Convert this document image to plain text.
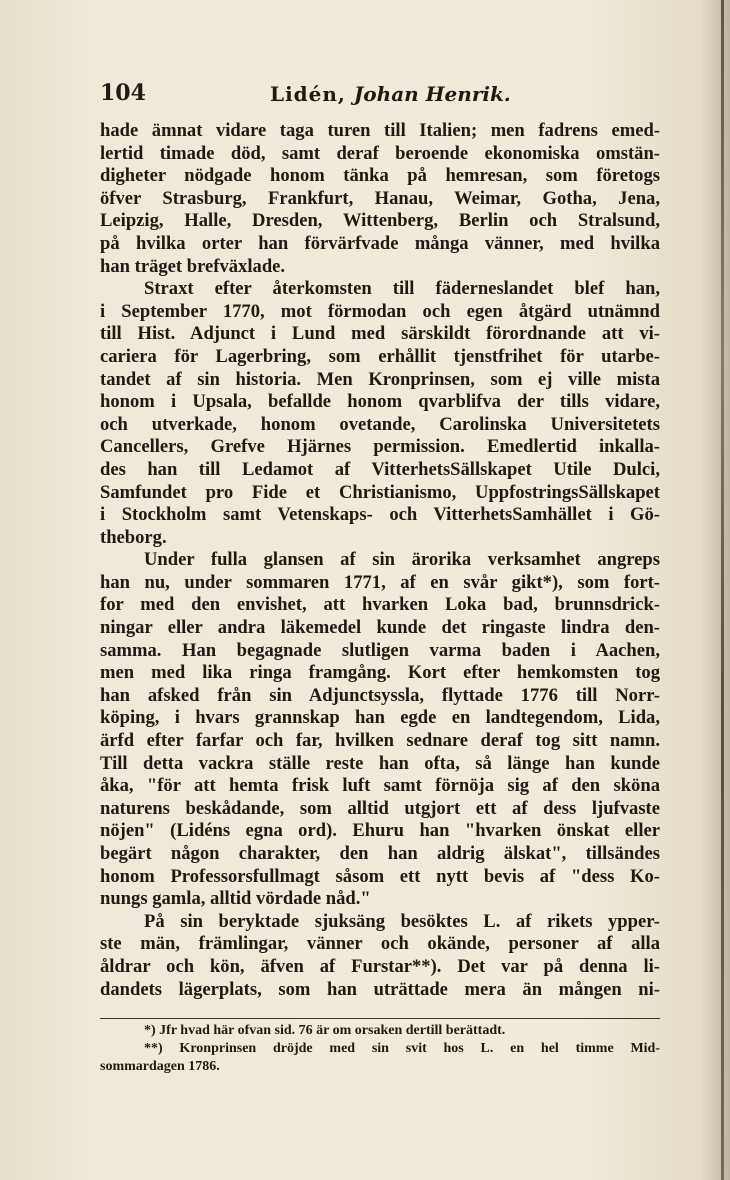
104	Lidén, Johan Henrik.
hade ämnat vidare taga turen till Italien; men fadrens emed-
lertid timade död, samt deraf beroende ekonomiska omstän-
digheter nödgade honom tänka på hemresan, som företogs
öfver Strasburg, Frankfurt, Hanau, Weimar, Gotha, Jena,
Leipzig, Halle, Dresden, Wittenberg, Berlin och Stralsund,
på hvilka orter han förvärfvade många vänner, med hvilka
han träget brefväxlade.
Straxt efter återkomsten till fäderneslandet blef han,
i September 1770, mot förmodan och egen åtgärd utnämnd
till Hist. Adjunct i Lund med särskildt förordnande att vi-
cariera för Lagerbring, som erhållit tjenstfrihet för utarbe-
tandet af sin historia. Men Kronprinsen, som ej ville mista
honom i Upsala, befallde honom qvarblifva der tills vidare,
och utverkade, honom ovetande, Carolinska Universitetets
Cancellers, Grefve Hjärnes permission. Emedlertid inkalla-
des han till Ledamot af VitterhetsSällskapet Utile Dulci,
Samfundet pro Fide et Christianismo, UppfostringsSällskapet
i Stockholm samt Vetenskaps- och VitterhetsSamhället i Gö-
theborg.
Under fulla glansen af sin ärorika verksamhet angreps
han nu, under sommaren 1771, af en svår gikt*), som fort-
for med den envishet, att hvarken Loka bad, brunnsdrick-
ningar eller andra läkemedel kunde det ringaste lindra den-
samma. Han begagnade slutligen varma baden i Aachen,
men med lika ringa framgång. Kort efter hemkomsten tog
han afsked från sin Adjunctsyssla, flyttade 1776 till Norr-
köping, i hvars grannskap han egde en landtegendom, Lida,
ärfd efter farfar och far, hvilken sednare deraf tog sitt namn.
Till detta vackra ställe reste han ofta, så länge han kunde
åka, "för att hemta frisk luft samt förnöja sig af den sköna
naturens beskådande, som alltid utgjort ett af dess ljufvaste
nöjen" (Lidéns egna ord). Ehuru han "hvarken önskat eller
begärt någon charakter, den han aldrig älskat", tillsändes
honom Professorsfullmagt såsom ett nytt bevis af "dess Ko-
nungs gamla, alltid vördade nåd."
På sin beryktade sjuksäng besöktes L. af rikets ypper-
ste män, främlingar, vänner och okände, personer af alla
åldrar och kön, äfven af Furstar**). Det var på denna li-
dandets lägerplats, som han uträttade mera än mången ni-
*) Jfr hvad här ofvan sid. 76 är om orsaken dertill berättadt.
**) Kronprinsen dröjde med sin svit hos L. en hel timme Mid-
sommardagen 1786.
